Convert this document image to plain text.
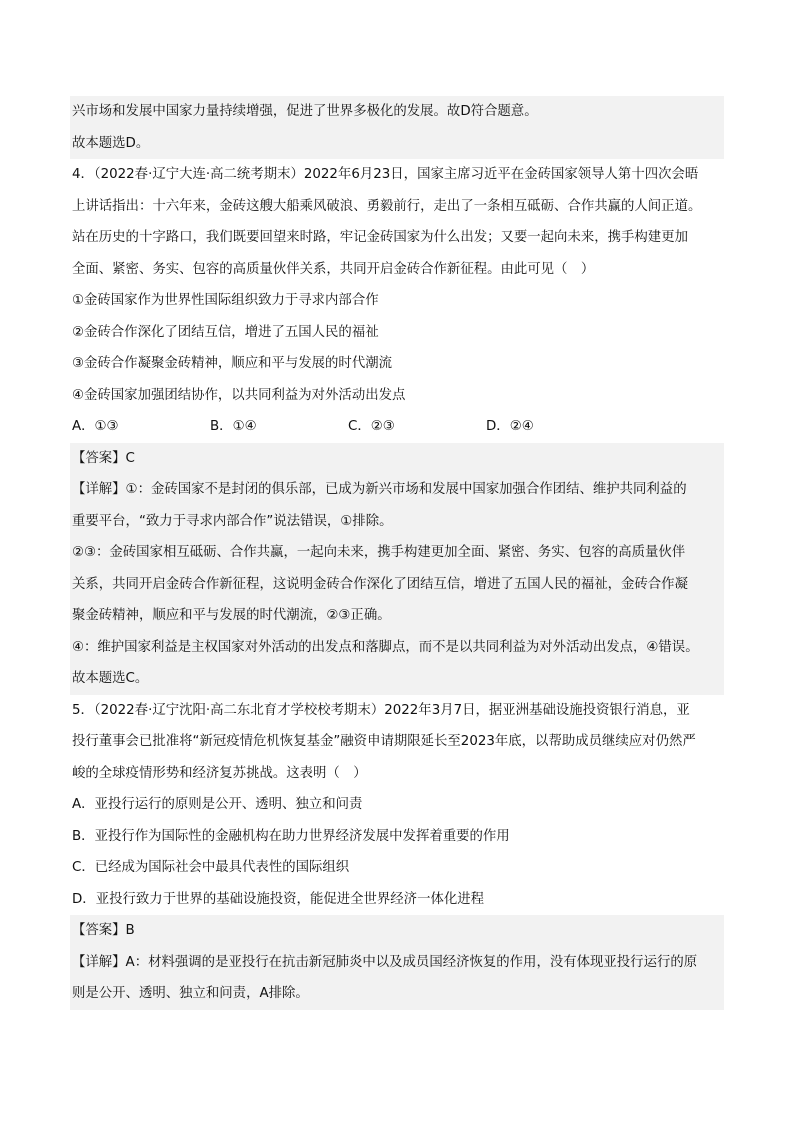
兴市场和发展中国家力量持续增强，促进了世界多极化的发展。故D符合题意。
故本题选D。
4．（2022春·辽宁大连·高二统考期末）2022年6月23日，国家主席习近平在金砖国家领导人第十四次会晤
上讲话指出：十六年来，金砖这艘大船乘风破浪、勇毅前行，走出了一条相互砥砺、合作共赢的人间正道。
站在历史的十字路口，我们既要回望来时路，牢记金砖国家为什么出发；又要一起向未来，携手构建更加
全面、紧密、务实、包容的高质量伙伴关系，共同开启金砖合作新征程。由此可见（　）
①金砖国家作为世界性国际组织致力于寻求内部合作
②金砖合作深化了团结互信，增进了五国人民的福祉
③金砖合作凝聚金砖精神，顺应和平与发展的时代潮流
④金砖国家加强团结协作，以共同利益为对外活动出发点
A．①③	B．①④	C．②③	D．②④
【答案】C
【详解】①：金砖国家不是封闭的俱乐部，已成为新兴市场和发展中国家加强合作团结、维护共同利益的
重要平台，“致力于寻求内部合作”说法错误，①排除。
②③：金砖国家相互砥砺、合作共赢，一起向未来，携手构建更加全面、紧密、务实、包容的高质量伙伴
关系，共同开启金砖合作新征程，这说明金砖合作深化了团结互信，增进了五国人民的福祉，金砖合作凝
聚金砖精神，顺应和平与发展的时代潮流，②③正确。
④：维护国家利益是主权国家对外活动的出发点和落脚点，而不是以共同利益为对外活动出发点，④错误。
故本题选C。
5．（2022春·辽宁沈阳·高二东北育才学校校考期末）2022年3月7日，据亚洲基础设施投资银行消息，亚
投行董事会已批准将“新冠疫情危机恢复基金”融资申请期限延长至2023年底，以帮助成员继续应对仍然严
峻的全球疫情形势和经济复苏挑战。这表明（　）
A．亚投行运行的原则是公开、透明、独立和问责
B．亚投行作为国际性的金融机构在助力世界经济发展中发挥着重要的作用
C．已经成为国际社会中最具代表性的国际组织
D．亚投行致力于世界的基础设施投资，能促进全世界经济一体化进程
【答案】B
【详解】A：材料强调的是亚投行在抗击新冠肺炎中以及成员国经济恢复的作用，没有体现亚投行运行的原
则是公开、透明、独立和问责，A排除。
